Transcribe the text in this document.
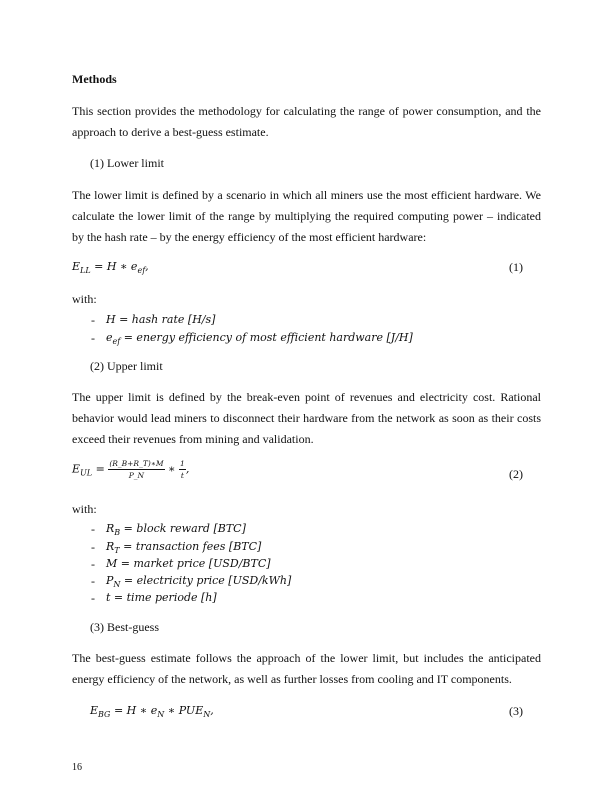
Methods
This section provides the methodology for calculating the range of power consumption, and the approach to derive a best-guess estimate.
(1) Lower limit
The lower limit is defined by a scenario in which all miners use the most efficient hardware. We calculate the lower limit of the range by multiplying the required computing power – indicated by the hash rate – by the energy efficiency of the most efficient hardware:
$E_{LL} = H$ ∗ $e_{ef}$,	(1)
with:
- H = hash rate [H/s]
- $e_{ef}$ = energy efficiency of most efficient hardware [J/H]
(2) Upper limit
The upper limit is defined by the break-even point of revenues and electricity cost. Rational behavior would lead miners to disconnect their hardware from the network as soon as their costs exceed their revenues from mining and validation.
$E_{UL} = \frac{(R\_B+R\_T)∗M}{P\_N}$ ∗ $\frac{1}{t}$ ,	(2)
with:
- $R_B$ = block reward [BTC]
- $R_T$ = transaction fees [BTC]
- M = market price [USD/BTC]
- $P_N$ = electricity price [USD/kWh]
- t = time periode [h]
(3) Best-guess
The best-guess estimate follows the approach of the lower limit, but includes the anticipated energy efficiency of the network, as well as further losses from cooling and IT components.
$E_{BG} = H$ ∗ $e_N$ ∗ $PUE_N$,	(3)
16
